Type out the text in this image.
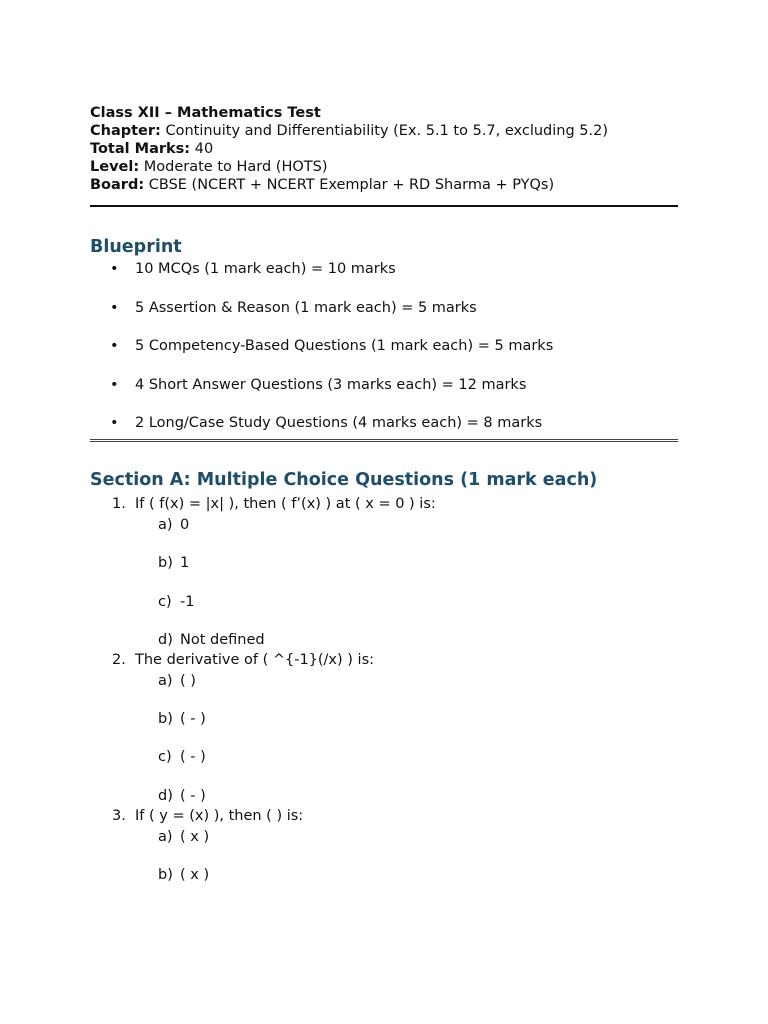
Class XII – Mathematics Test
Chapter: Continuity and Differentiability (Ex. 5.1 to 5.7, excluding 5.2)
Total Marks: 40
Level: Moderate to Hard (HOTS)
Board: CBSE (NCERT + NCERT Exemplar + RD Sharma + PYQs)
Blueprint
• 10 MCQs (1 mark each) = 10 marks
• 5 Assertion & Reason (1 mark each) = 5 marks
• 5 Competency-Based Questions (1 mark each) = 5 marks
• 4 Short Answer Questions (3 marks each) = 12 marks
• 2 Long/Case Study Questions (4 marks each) = 8 marks
Section A: Multiple Choice Questions (1 mark each)
1. If ( f(x) = |x| ), then ( f’(x) ) at ( x = 0 ) is:
a) 0
b) 1
c) -1
d) Not defined
2. The derivative of ( ^{-1}(/x) ) is:
a) ( )
b) ( - )
c) ( - )
d) ( - )
3. If ( y = (x) ), then ( ) is:
a) ( x )
b) ( x )
